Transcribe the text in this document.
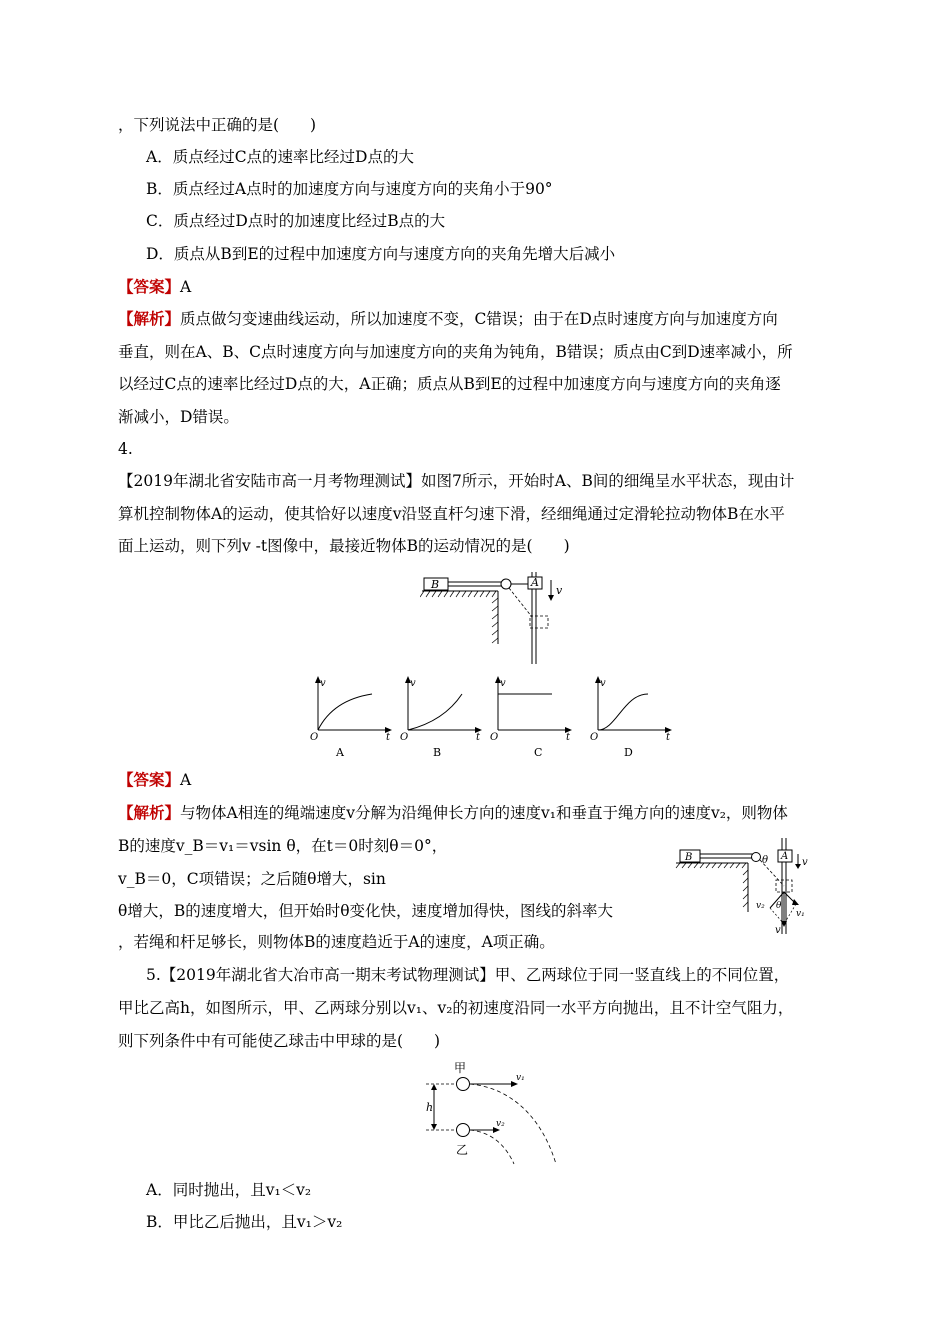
，下列说法中正确的是(　　)
A．质点经过C点的速率比经过D点的大
B．质点经过A点时的加速度方向与速度方向的夹角小于90°
C．质点经过D点时的加速度比经过B点的大
D．质点从B到E的过程中加速度方向与速度方向的夹角先增大后减小
【答案】A
【解析】质点做匀变速曲线运动，所以加速度不变，C错误；由于在D点时速度方向与加速度方向
垂直，则在A、B、C点时速度方向与加速度方向的夹角为钝角，B错误；质点由C到D速率减小，所
以经过C点的速率比经过D点的大，A正确；质点从B到E的过程中加速度方向与速度方向的夹角逐
渐减小，D错误。
4.
【2019年湖北省安陆市高一月考物理测试】如图7所示，开始时A、B间的细绳呈水平状态，现由计
算机控制物体A的运动，使其恰好以速度v沿竖直杆匀速下滑，经细绳通过定滑轮拉动物体B在水平
面上运动，则下列v -t图像中，最接近物体B的运动情况的是(　　)
B	A
v
v
t
O
A
v
t
O
B
v
t
O
C
v
t
O
D
【答案】A
【解析】与物体A相连的绳端速度v分解为沿绳伸长方向的速度v₁和垂直于绳方向的速度v₂，则物体
B的速度v_B＝v₁＝vsin θ，在t＝0时刻θ＝0°，
v_B＝0，C项错误；之后随θ增大，sin
θ增大，B的速度增大，但开始时θ变化快，速度增加得快，图线的斜率大
，若绳和杆足够长，则物体B的速度趋近于A的速度，A项正确。
B	θ A
v
v
v₁
v₂ θ
5.【2019年湖北省大冶市高一期末考试物理测试】甲、乙两球位于同一竖直线上的不同位置，
甲比乙高h，如图所示，甲、乙两球分别以v₁、v₂的初速度沿同一水平方向抛出，且不计空气阻力，
则下列条件中有可能使乙球击中甲球的是(　　)
甲
v₁
h
v₂
乙
A．同时抛出，且v₁＜v₂
B．甲比乙后抛出，且v₁＞v₂
